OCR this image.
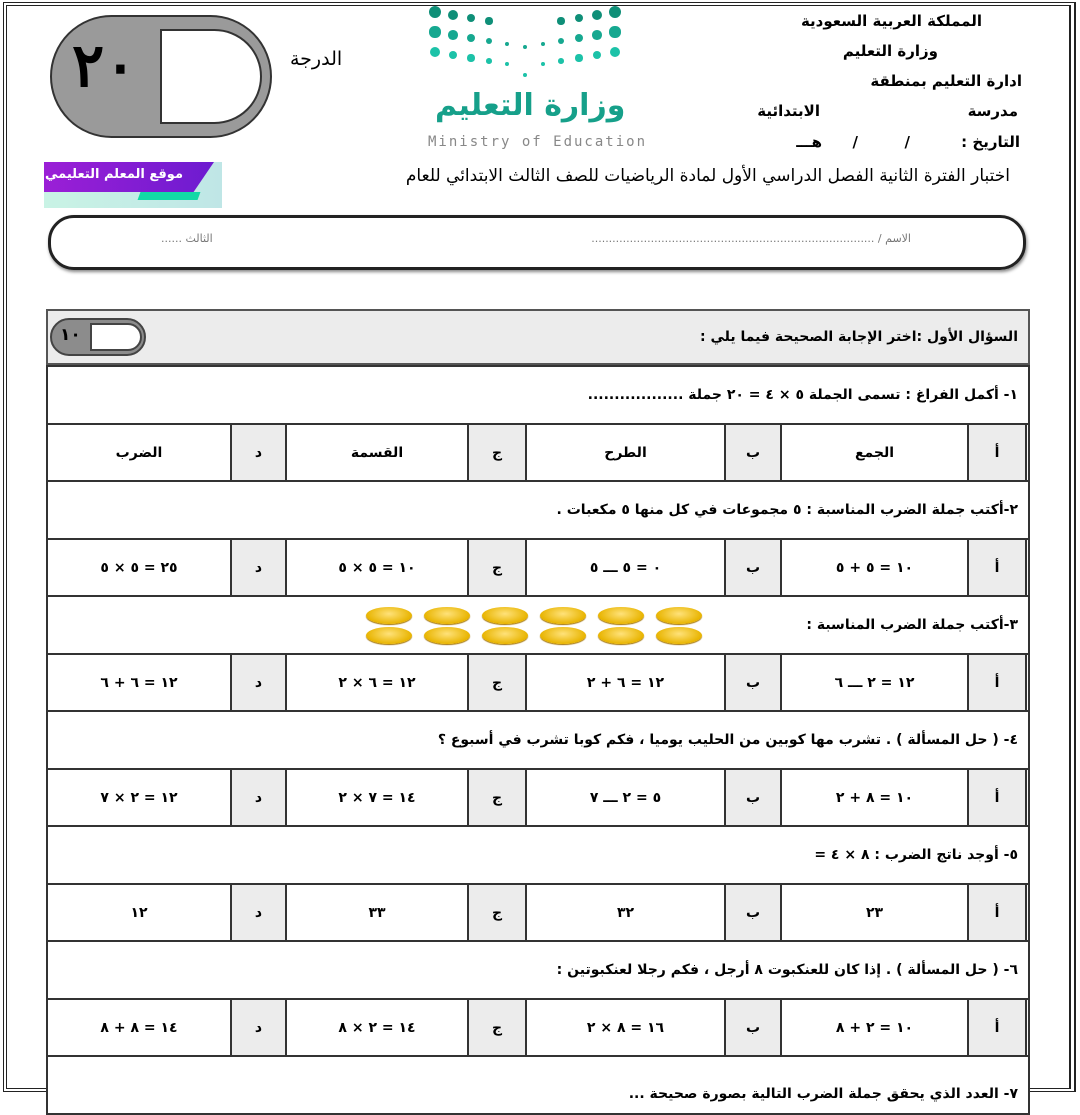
المملكة العربية السعودية
وزارة التعليم
ادارة التعليم بمنطقة
مدرسة
الابتدائية
التاريخ :
/
/
هـــ
وزارة التعليم
Ministry of Education
٢٠	الدرجة
موقع المعلم التعليمي	اختبار الفترة الثانية الفصل الدراسي الأول لمادة الرياضيات للصف الثالث الابتدائي للعام
الاسم / .................................................................................
الثالث ......
السؤال الأول :اختر الإجابة الصحيحة فيما يلي :
١٠
١- أكمل الفراغ : تسمى الجملة ٥ × ٤ = ٢٠ جملة ..................
أ
الجمع
ب
الطرح
ج
القسمة
د
الضرب
٢-أكتب جملة الضرب المناسبة : ٥ مجموعات في كل منها ٥ مكعبات .
أ
١٠ = ٥ + ٥
ب
٠ = ٥ ـــ ٥
ج
١٠ = ٥ × ٥
د
٢٥ = ٥ × ٥
٣-أكتب جملة الضرب المناسبة :
أ
١٢ = ٢ ـــ ٦
ب
١٢ = ٦ + ٢
ج
١٢ = ٦ × ٢
د
١٢ = ٦ + ٦
٤- ( حل المسألة ) . تشرب مها كوبين من الحليب يوميا ، فكم كوبا تشرب في أسبوع ؟
أ
١٠ = ٨ + ٢
ب
٥ = ٢ ـــ ٧
ج
١٤ = ٧ × ٢
د
١٢ = ٢ × ٧
٥- أوجد ناتج الضرب : ٨ × ٤ =
أ
٢٣
ب
٣٢
ج
٣٣
د
١٢
٦- ( حل المسألة ) . إذا كان للعنكبوت ٨ أرجل ، فكم رجلا لعنكبوتين :
أ
١٠ = ٢ + ٨
ب
١٦ = ٨ × ٢
ج
١٤ = ٢ × ٨
د
١٤ = ٨ + ٨
٧- العدد الذي يحقق جملة الضرب التالية بصورة صحيحة ...
